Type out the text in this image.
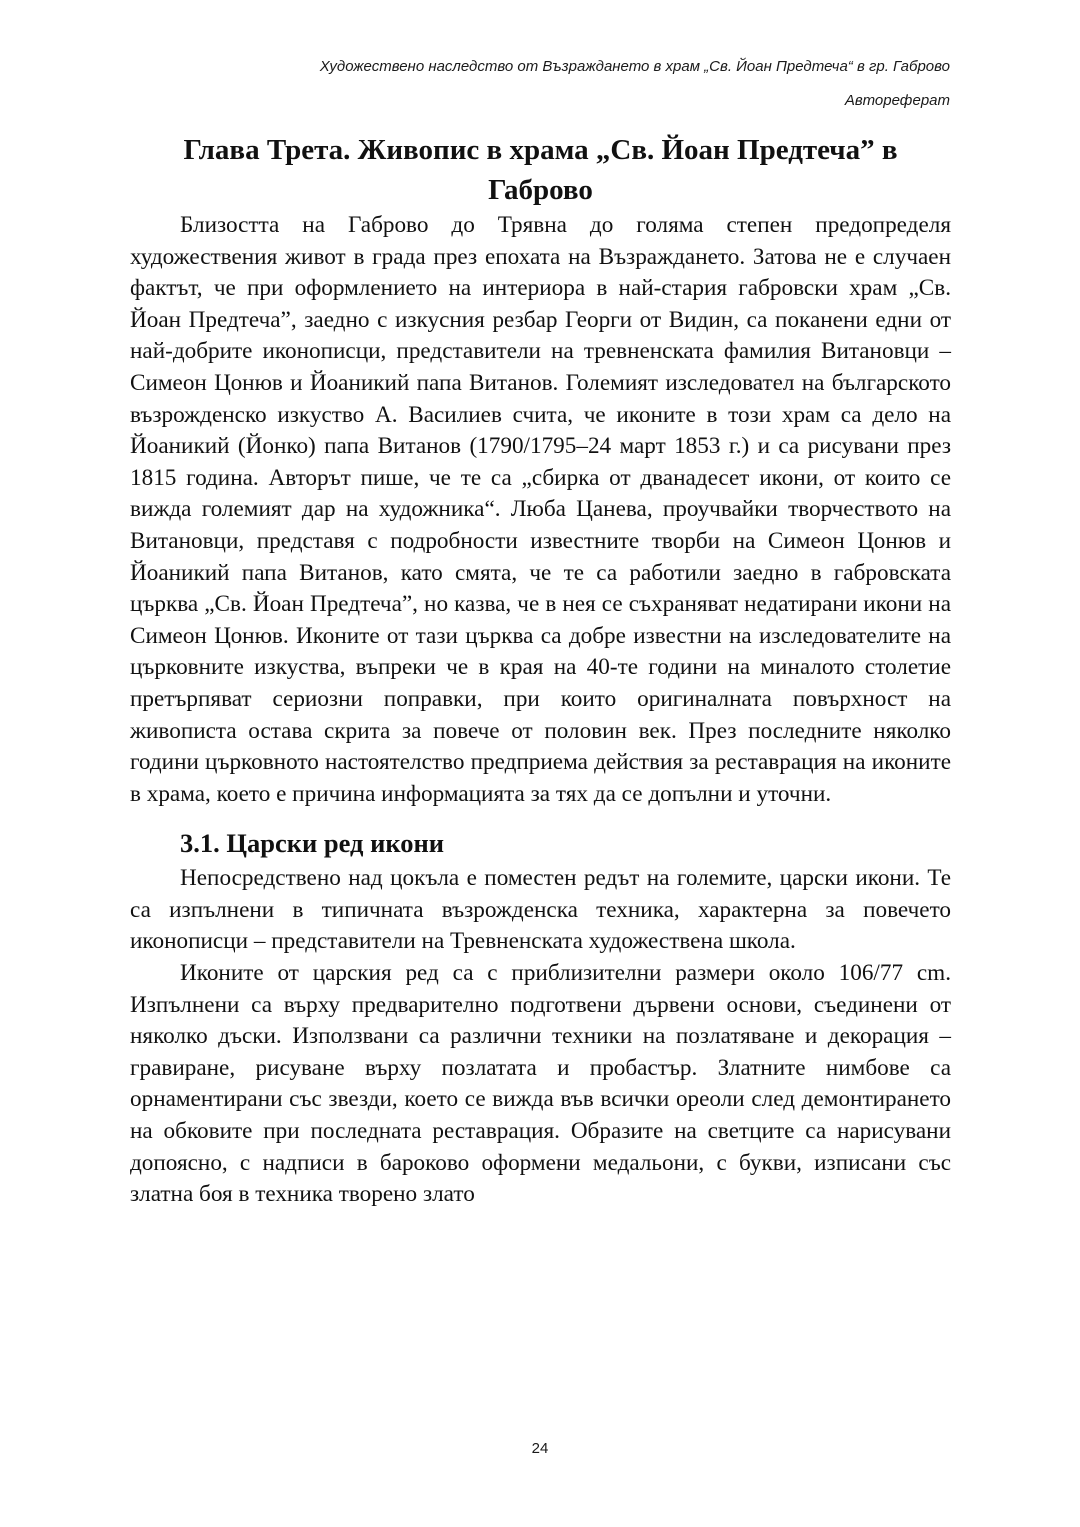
Художествено наследство от Възраждането в храм „Св. Йоан Предтеча“ в гр. Габрово
Автореферат
Глава Трета. Живопис в храма „Св. Йоан Предтеча” в Габрово

Близостта на Габрово до Трявна до голяма степен предопределя художествения живот в града през епохата на Възраждането. Затова не е случаен фактът, че при оформлението на интериора в най-стария габровски храм „Св. Йоан Предтеча”, заедно с изкусния резбар Георги от Видин, са поканени едни от най-добрите иконописци, представители на тревненската фамилия Витановци – Симеон Цонюв и Йоаникий папа Витанов. Големият изследовател на българското възрожденско изкуство А. Василиев счита, че иконите в този храм са дело на Йоаникий (Йонко) папа Витанов (1790/1795–24 март 1853 г.) и са рисувани през 1815 година. Авторът пише, че те са „сбирка от дванадесет икони, от които се вижда големият дар на художника“. Люба Цанева, проучвайки творчеството на Витановци, представя с подробности известните творби на Симеон Цонюв и Йоаникий папа Витанов, като смята, че те са работили заедно в габровската църква „Св. Йоан Предтеча”, но казва, че в нея се съхраняват недатирани икони на Симеон Цонюв. Иконите от тази църква са добре известни на изследователите на църковните изкуства, въпреки че в края на 40-те години на миналото столетие претърпяват сериозни поправки, при които оригиналната повърхност на живописта остава скрита за повече от половин век. През последните няколко години църковното настоятелство предприема действия за реставрация на иконите в храма, което е причина информацията за тях да се допълни и уточни.

3.1. Царски ред икони

Непосредствено над цокъла е поместен редът на големите, царски икони. Те са изпълнени в типичната възрожденска техника, характерна за повечето иконописци – представители на Тревненската художествена школа.

Иконите от царския ред са с приблизителни размери около 106/77 cm. Изпълнени са върху предварително подготвени дървени основи, съединени от няколко дъски. Използвани са различни техники на позлатяване и декорация – гравиране, рисуване върху позлатата и пробастър. Златните нимбове са орнаментирани със звезди, което се вижда във всички ореоли след демонтирането на обковите при последната реставрация. Образите на светците са нарисувани допоясно, с надписи в бароково оформени медальони, с букви, изписани със златна боя в техника творено злато

24
